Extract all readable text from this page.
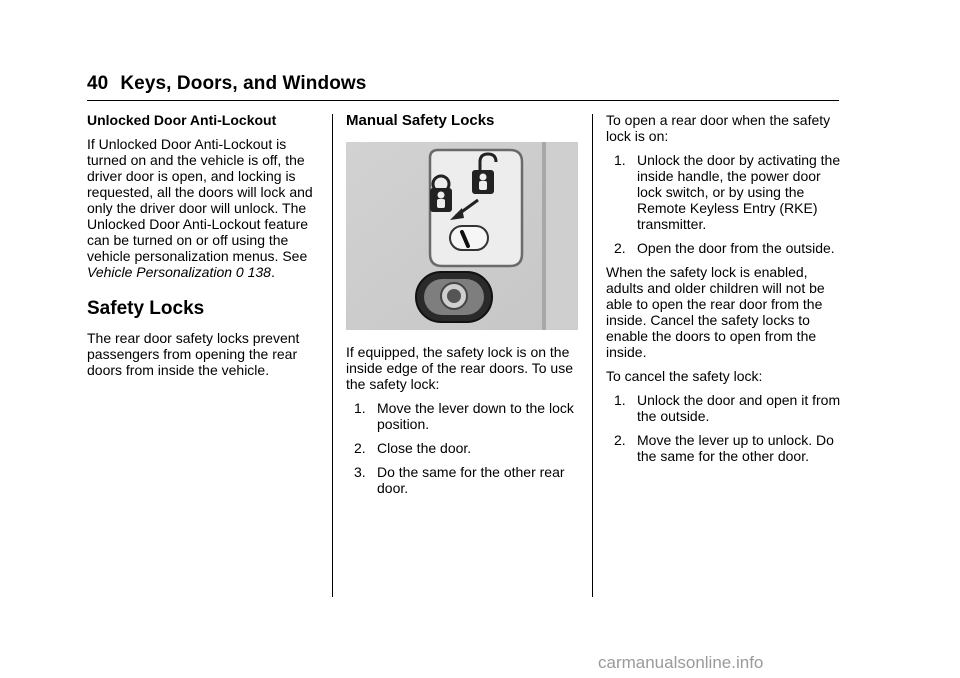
40 Keys, Doors, and Windows

Unlocked Door Anti-Lockout

If Unlocked Door Anti-Lockout is turned on and the vehicle is off, the driver door is open, and locking is requested, all the doors will lock and only the driver door will unlock. The Unlocked Door Anti-Lockout feature can be turned on or off using the vehicle personalization menus. See Vehicle Personalization 0 138.

Safety Locks

The rear door safety locks prevent passengers from opening the rear doors from inside the vehicle.

Manual Safety Locks

If equipped, the safety lock is on the inside edge of the rear doors. To use the safety lock:

1. Move the lever down to the lock position.
2. Close the door.
3. Do the same for the other rear door.

To open a rear door when the safety lock is on:

1. Unlock the door by activating the inside handle, the power door lock switch, or by using the Remote Keyless Entry (RKE) transmitter.
2. Open the door from the outside.

When the safety lock is enabled, adults and older children will not be able to open the rear door from the inside. Cancel the safety locks to enable the doors to open from the inside.

To cancel the safety lock:

1. Unlock the door and open it from the outside.
2. Move the lever up to unlock. Do the same for the other door.
carmanualsonline.info
